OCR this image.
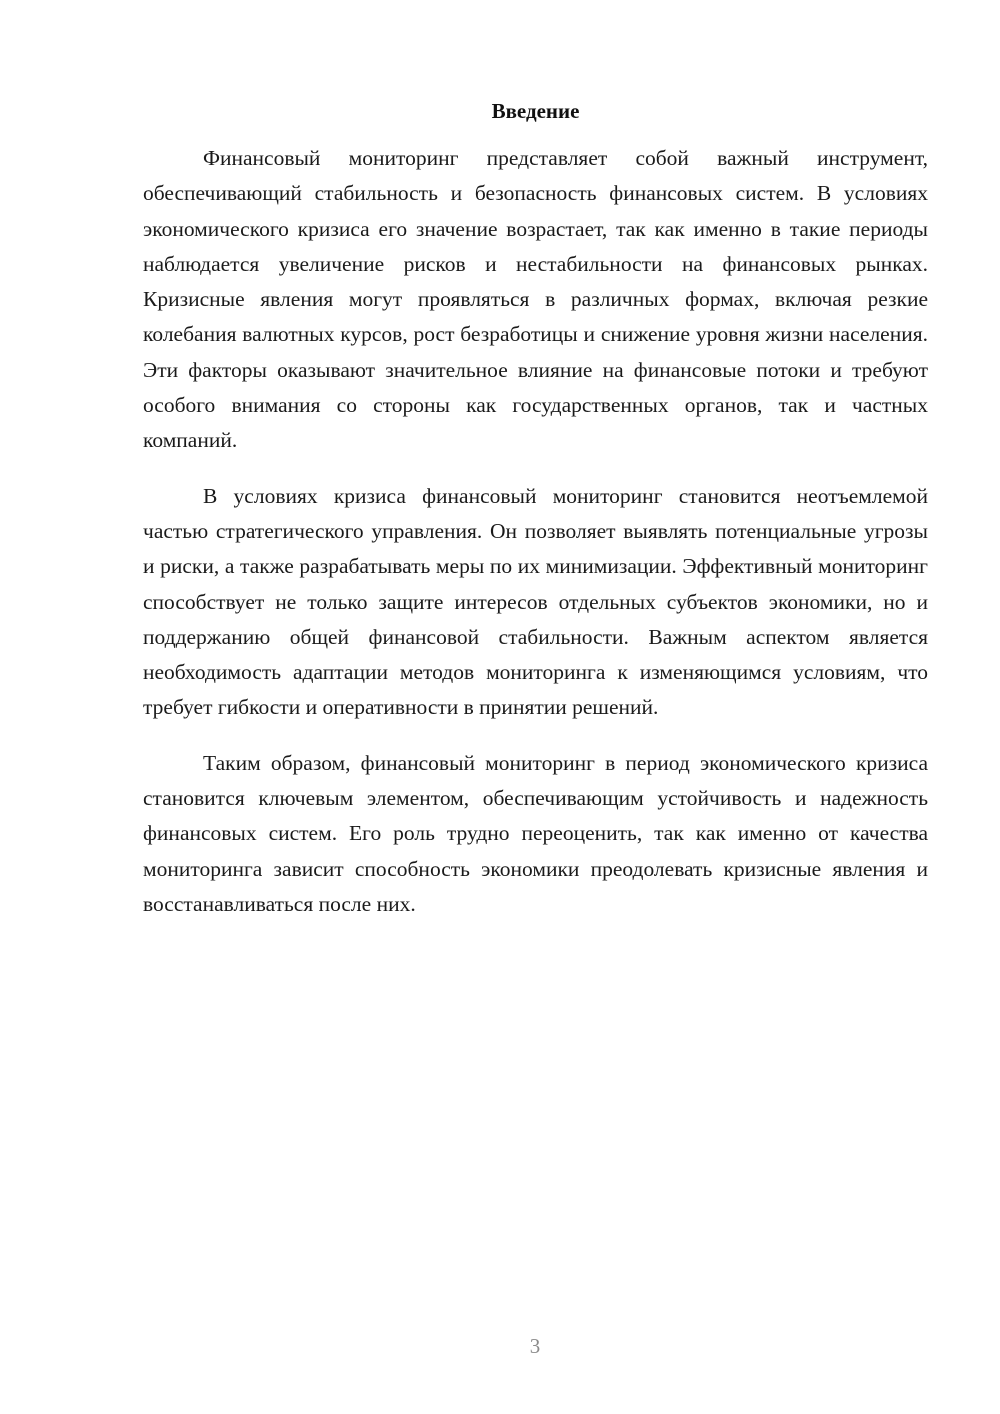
Введение

Финансовый мониторинг представляет собой важный инструмент, обеспечивающий стабильность и безопасность финансовых систем. В условиях экономического кризиса его значение возрастает, так как именно в такие периоды наблюдается увеличение рисков и нестабильности на финансовых рынках. Кризисные явления могут проявляться в различных формах, включая резкие колебания валютных курсов, рост безработицы и снижение уровня жизни населения. Эти факторы оказывают значительное влияние на финансовые потоки и требуют особого внимания со стороны как государственных органов, так и частных компаний.

В условиях кризиса финансовый мониторинг становится неотъемлемой частью стратегического управления. Он позволяет выявлять потенциальные угрозы и риски, а также разрабатывать меры по их минимизации. Эффективный мониторинг способствует не только защите интересов отдельных субъектов экономики, но и поддержанию общей финансовой стабильности. Важным аспектом является необходимость адаптации методов мониторинга к изменяющимся условиям, что требует гибкости и оперативности в принятии решений.

Таким образом, финансовый мониторинг в период экономического кризиса становится ключевым элементом, обеспечивающим устойчивость и надежность финансовых систем. Его роль трудно переоценить, так как именно от качества мониторинга зависит способность экономики преодолевать кризисные явления и восстанавливаться после них.

3
